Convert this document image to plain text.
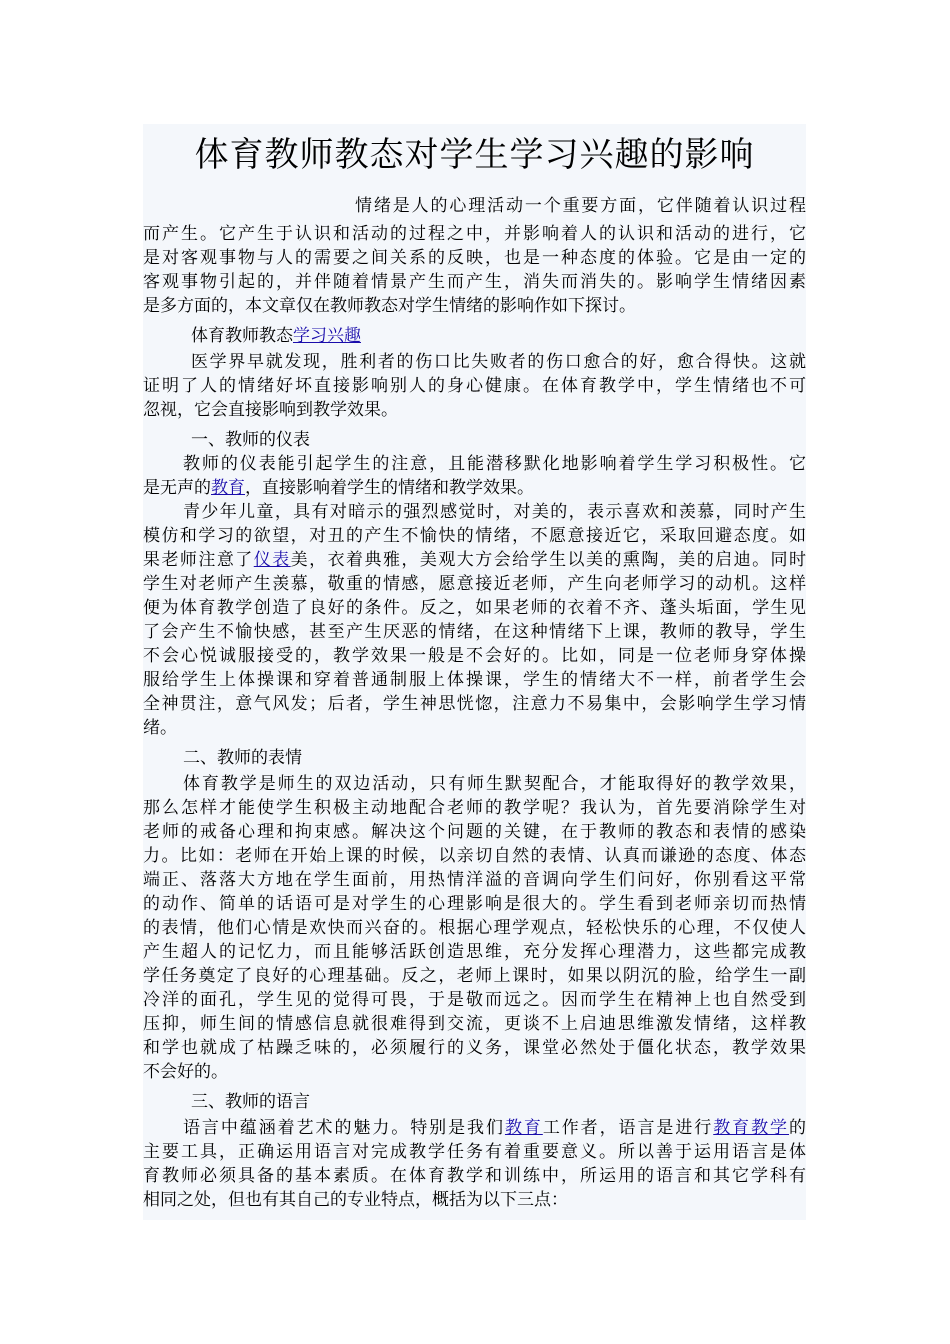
体育教师教态对学生学习兴趣的影响
情绪是人的心理活动一个重要方面，它伴随着认识过程
而产生。它产生于认识和活动的过程之中，并影响着人的认识和活动的进行，它
是对客观事物与人的需要之间关系的反映，也是一种态度的体验。它是由一定的
客观事物引起的，并伴随着情景产生而产生，消失而消失的。影响学生情绪因素
是多方面的，本文章仅在教师教态对学生情绪的影响作如下探讨。
体育教师教态学习兴趣
医学界早就发现，胜利者的伤口比失败者的伤口愈合的好，愈合得快。这就
证明了人的情绪好坏直接影响别人的身心健康。在体育教学中，学生情绪也不可
忽视，它会直接影响到教学效果。
一、教师的仪表
教师的仪表能引起学生的注意，且能潜移默化地影响着学生学习积极性。它
是无声的教育，直接影响着学生的情绪和教学效果。
青少年儿童，具有对暗示的强烈感觉时，对美的，表示喜欢和羡慕，同时产生
模仿和学习的欲望，对丑的产生不愉快的情绪，不愿意接近它，采取回避态度。如
果老师注意了仪表美，衣着典雅，美观大方会给学生以美的熏陶，美的启迪。同时
学生对老师产生羡慕，敬重的情感，愿意接近老师，产生向老师学习的动机。这样
便为体育教学创造了良好的条件。反之，如果老师的衣着不齐、蓬头垢面，学生见
了会产生不愉快感，甚至产生厌恶的情绪，在这种情绪下上课，教师的教导，学生
不会心悦诚服接受的，教学效果一般是不会好的。比如，同是一位老师身穿体操
服给学生上体操课和穿着普通制服上体操课，学生的情绪大不一样，前者学生会
全神贯注，意气风发；后者，学生神思恍惚，注意力不易集中，会影响学生学习情
绪。
二、教师的表情
体育教学是师生的双边活动，只有师生默契配合，才能取得好的教学效果，
那么怎样才能使学生积极主动地配合老师的教学呢？我认为，首先要消除学生对
老师的戒备心理和拘束感。解决这个问题的关键，在于教师的教态和表情的感染
力。比如：老师在开始上课的时候，以亲切自然的表情、认真而谦逊的态度、体态
端正、落落大方地在学生面前，用热情洋溢的音调向学生们问好，你别看这平常
的动作、简单的话语可是对学生的心理影响是很大的。学生看到老师亲切而热情
的表情，他们心情是欢快而兴奋的。根据心理学观点，轻松快乐的心理，不仅使人
产生超人的记忆力，而且能够活跃创造思维，充分发挥心理潜力，这些都完成教
学任务奠定了良好的心理基础。反之，老师上课时，如果以阴沉的脸，给学生一副
冷洋的面孔，学生见的觉得可畏，于是敬而远之。因而学生在精神上也自然受到
压抑，师生间的情感信息就很难得到交流，更谈不上启迪思维激发情绪，这样教
和学也就成了枯躁乏味的，必须履行的义务，课堂必然处于僵化状态，教学效果
不会好的。
三、教师的语言
语言中蕴涵着艺术的魅力。特别是我们教育工作者，语言是进行教育教学的
主要工具，正确运用语言对完成教学任务有着重要意义。所以善于运用语言是体
育教师必须具备的基本素质。在体育教学和训练中，所运用的语言和其它学科有
相同之处，但也有其自己的专业特点，概括为以下三点：
